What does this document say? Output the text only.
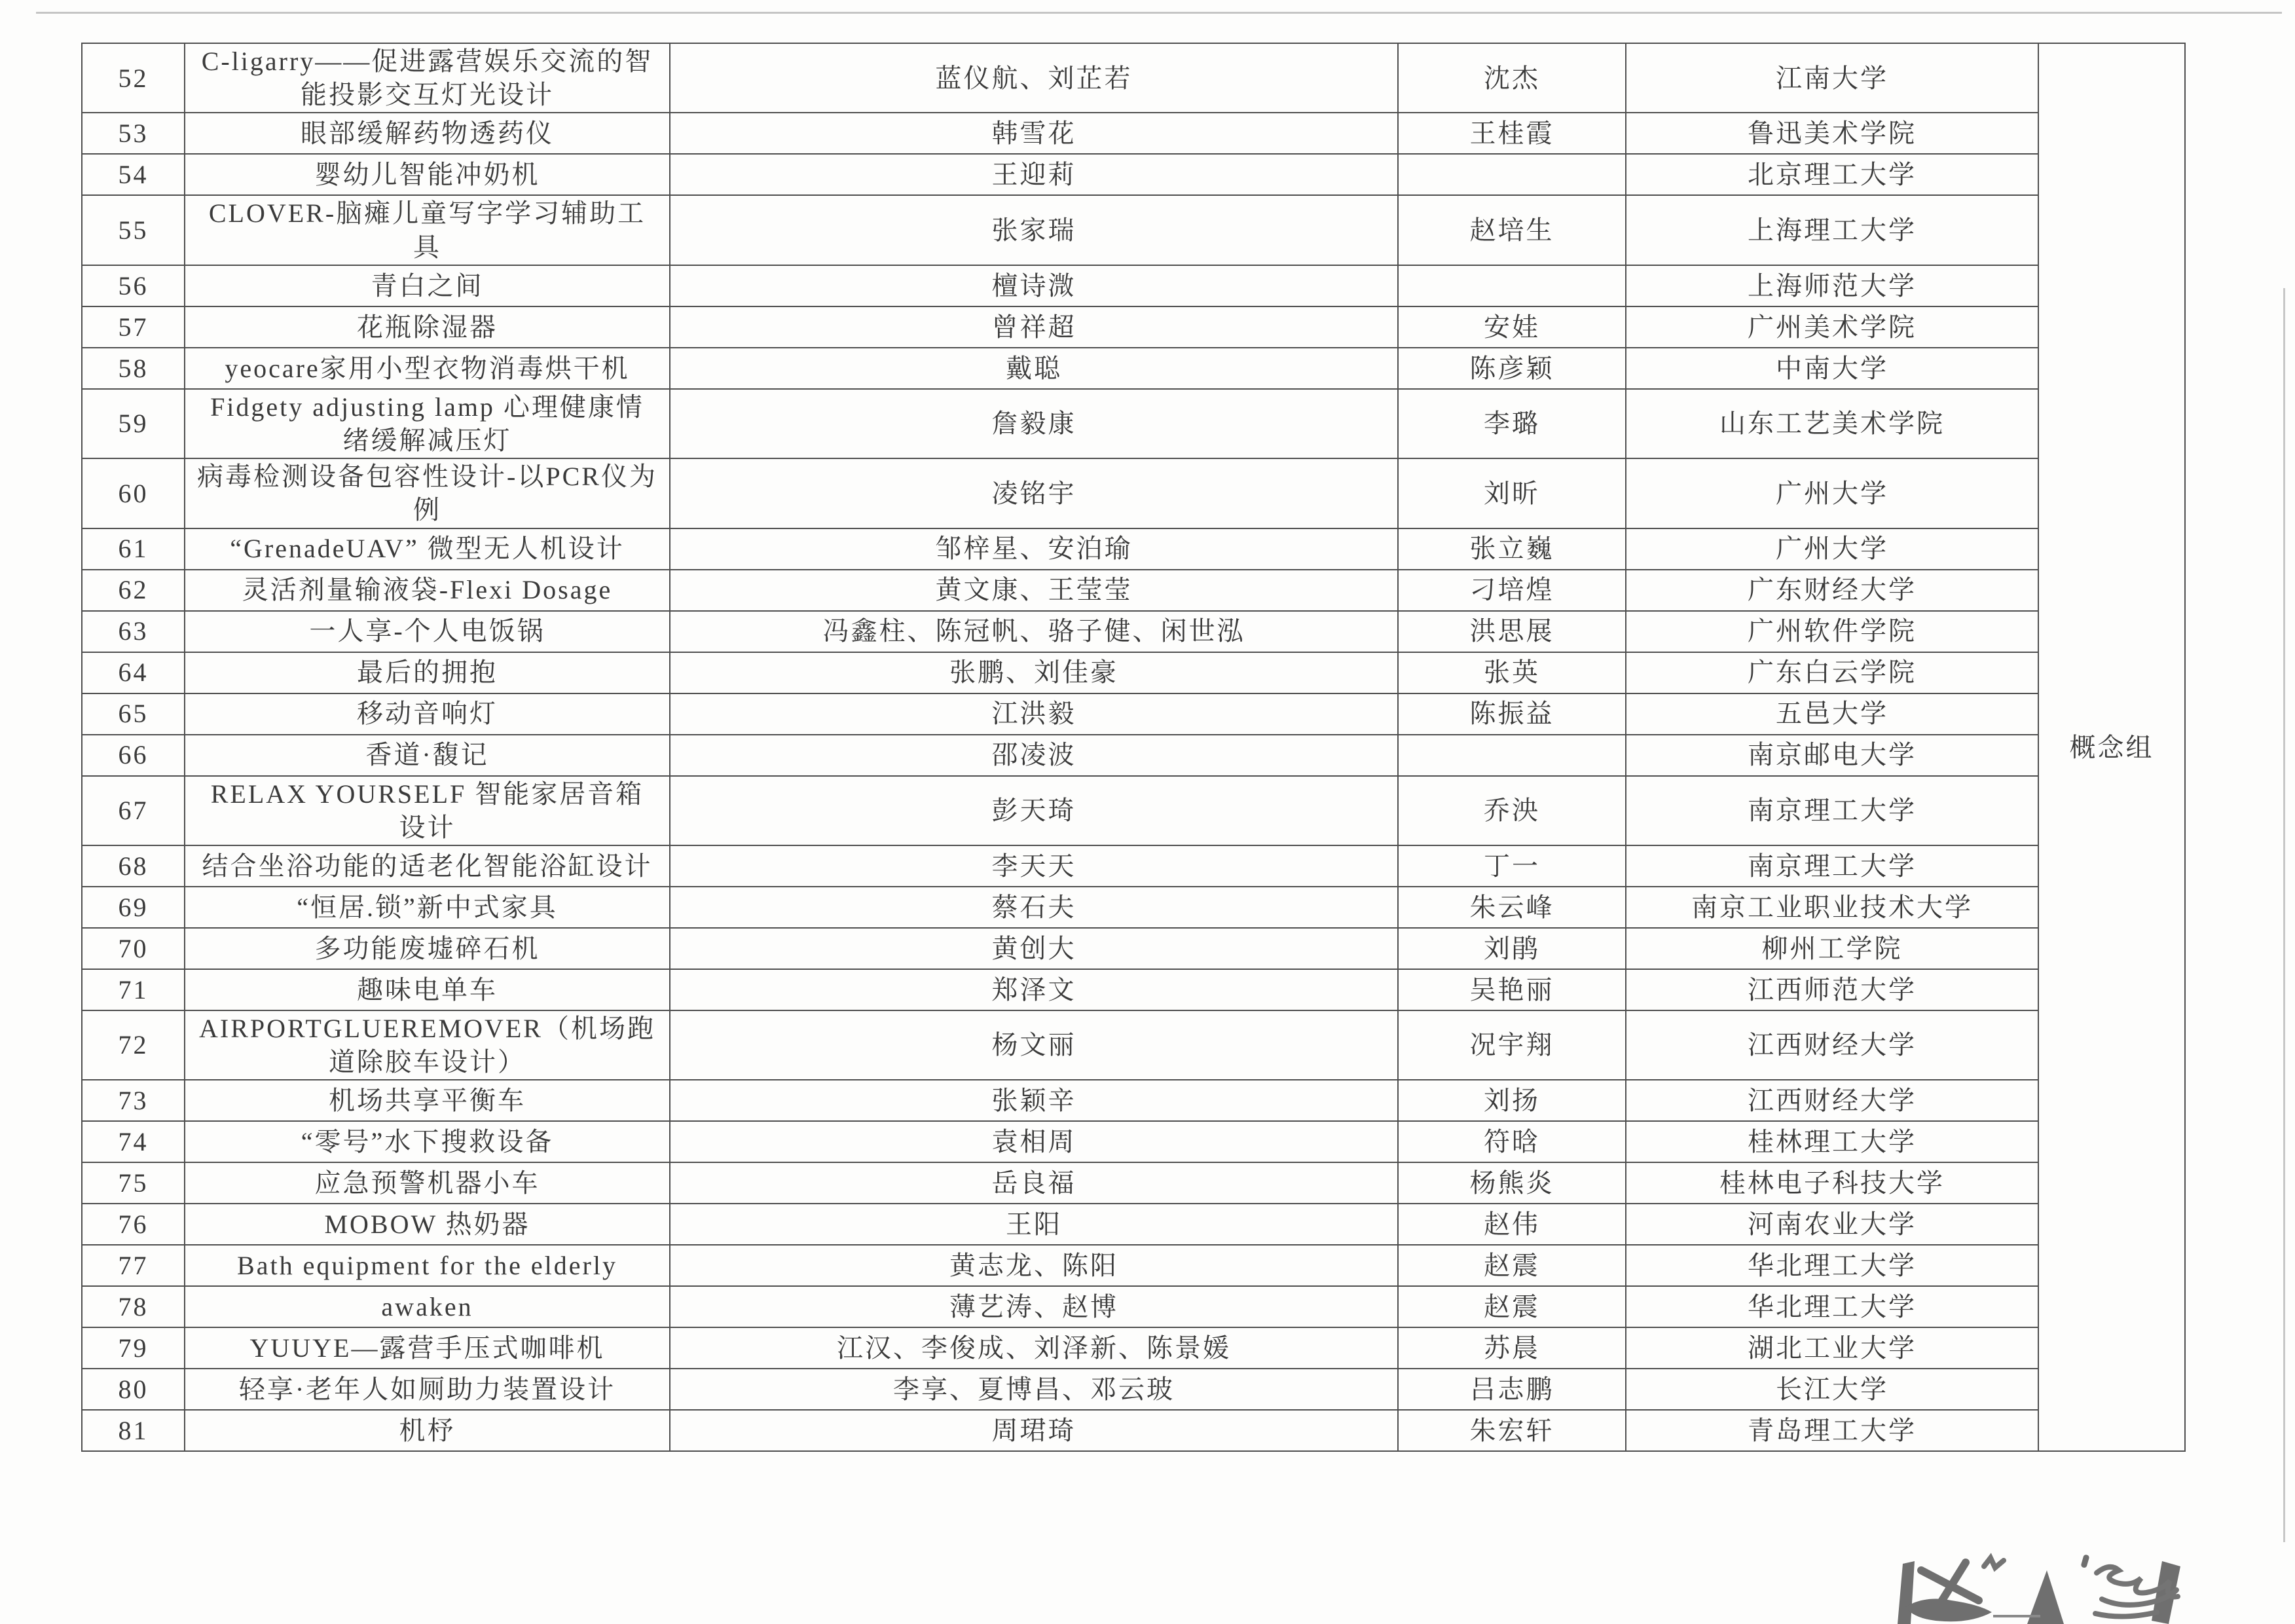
52	C-ligarry——促进露营娱乐交流的智能投影交互灯光设计	蓝仪航、刘芷若	沈杰	江南大学	概念组
53	眼部缓解药物透药仪	韩雪花	王桂霞	鲁迅美术学院	
54	婴幼儿智能冲奶机	王迎莉		北京理工大学	
55	CLOVER-脑瘫儿童写字学习辅助工具	张家瑞	赵培生	上海理工大学	
56	青白之间	檀诗溦		上海师范大学	
57	花瓶除湿器	曾祥超	安娃	广州美术学院	
58	yeocare家用小型衣物消毒烘干机	戴聪	陈彦颖	中南大学	
59	Fidgety adjusting lamp 心理健康情绪缓解减压灯	詹毅康	李璐	山东工艺美术学院	
60	病毒检测设备包容性设计-以PCR仪为例	凌铭宇	刘昕	广州大学	
61	“GrenadeUAV” 微型无人机设计	邹梓星、安泊瑜	张立巍	广州大学	
62	灵活剂量输液袋-Flexi Dosage	黄文康、王莹莹	刁培煌	广东财经大学	
63	一人享-个人电饭锅	冯鑫柱、陈冠帆、骆子健、闲世泓	洪思展	广州软件学院	
64	最后的拥抱	张鹏、刘佳豪	张英	广东白云学院	
65	移动音响灯	江洪毅	陈振益	五邑大学	
66	香道·馥记	邵凌波		南京邮电大学	
67	RELAX YOURSELF 智能家居音箱设计	彭天琦	乔泱	南京理工大学	
68	结合坐浴功能的适老化智能浴缸设计	李天天	丁一	南京理工大学	
69	“恒居.锁”新中式家具	蔡石夫	朱云峰	南京工业职业技术大学	
70	多功能废墟碎石机	黄创大	刘鹃	柳州工学院	
71	趣味电单车	郑泽文	吴艳丽	江西师范大学	
72	AIRPORTGLUEREMOVER（机场跑道除胶车设计）	杨文丽	况宇翔	江西财经大学	
73	机场共享平衡车	张颖辛	刘扬	江西财经大学	
74	“零号”水下搜救设备	袁相周	符晗	桂林理工大学	
75	应急预警机器小车	岳良福	杨熊炎	桂林电子科技大学	
76	MOBOW 热奶器	王阳	赵伟	河南农业大学	
77	Bath equipment for the elderly	黄志龙、陈阳	赵震	华北理工大学	
78	awaken	薄艺涛、赵博	赵震	华北理工大学	
79	YUUYE—露营手压式咖啡机	江汉、李俊成、刘泽新、陈景媛	苏晨	湖北工业大学	
80	轻享·老年人如厕助力装置设计	李享、夏博昌、邓云玻	吕志鹏	长江大学	
81	机杼	周珺琦	朱宏轩	青岛理工大学	
